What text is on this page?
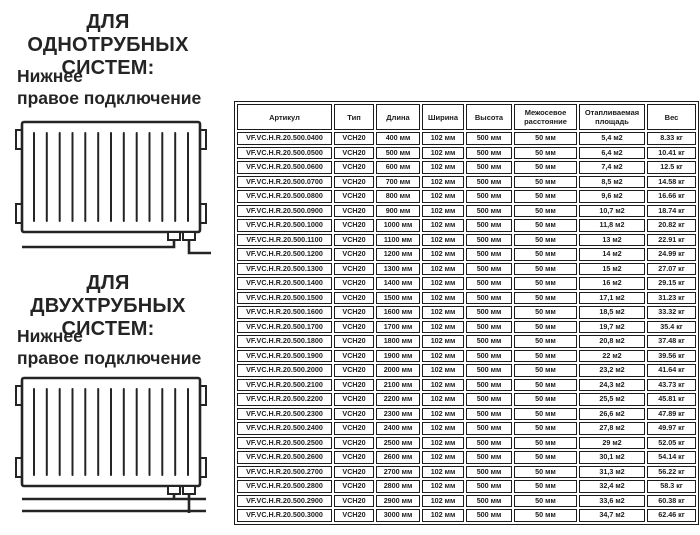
ДЛЯ ОДНОТРУБНЫХ
СИСТЕМ:
Нижнее
правое подключение
ДЛЯ ДВУХТРУБНЫХ
СИСТЕМ:
Нижнее
правое подключение
Артикул	Тип	Длина	Ширина	Высота	Межосевое расстояние	Отапливаемая площадь	Вес
VF.VC.H.R.20.500.0400	VCH20	400 мм	102 мм	500 мм	50 мм	5,4 м2	8.33 кг
VF.VC.H.R.20.500.0500	VCH20	500 мм	102 мм	500 мм	50 мм	6,4 м2	10.41 кг
VF.VC.H.R.20.500.0600	VCH20	600 мм	102 мм	500 мм	50 мм	7,4 м2	12.5 кг
VF.VC.H.R.20.500.0700	VCH20	700 мм	102 мм	500 мм	50 мм	8,5 м2	14.58 кг
VF.VC.H.R.20.500.0800	VCH20	800 мм	102 мм	500 мм	50 мм	9,6 м2	16.66 кг
VF.VC.H.R.20.500.0900	VCH20	900 мм	102 мм	500 мм	50 мм	10,7 м2	18.74 кг
VF.VC.H.R.20.500.1000	VCH20	1000 мм	102 мм	500 мм	50 мм	11,8 м2	20.82 кг
VF.VC.H.R.20.500.1100	VCH20	1100 мм	102 мм	500 мм	50 мм	13 м2	22.91 кг
VF.VC.H.R.20.500.1200	VCH20	1200 мм	102 мм	500 мм	50 мм	14 м2	24.99 кг
VF.VC.H.R.20.500.1300	VCH20	1300 мм	102 мм	500 мм	50 мм	15 м2	27.07 кг
VF.VC.H.R.20.500.1400	VCH20	1400 мм	102 мм	500 мм	50 мм	16 м2	29.15 кг
VF.VC.H.R.20.500.1500	VCH20	1500 мм	102 мм	500 мм	50 мм	17,1 м2	31.23 кг
VF.VC.H.R.20.500.1600	VCH20	1600 мм	102 мм	500 мм	50 мм	18,5 м2	33.32 кг
VF.VC.H.R.20.500.1700	VCH20	1700 мм	102 мм	500 мм	50 мм	19,7 м2	35.4 кг
VF.VC.H.R.20.500.1800	VCH20	1800 мм	102 мм	500 мм	50 мм	20,8 м2	37.48 кг
VF.VC.H.R.20.500.1900	VCH20	1900 мм	102 мм	500 мм	50 мм	22 м2	39.56 кг
VF.VC.H.R.20.500.2000	VCH20	2000 мм	102 мм	500 мм	50 мм	23,2 м2	41.64 кг
VF.VC.H.R.20.500.2100	VCH20	2100 мм	102 мм	500 мм	50 мм	24,3 м2	43.73 кг
VF.VC.H.R.20.500.2200	VCH20	2200 мм	102 мм	500 мм	50 мм	25,5 м2	45.81 кг
VF.VC.H.R.20.500.2300	VCH20	2300 мм	102 мм	500 мм	50 мм	26,6 м2	47.89 кг
VF.VC.H.R.20.500.2400	VCH20	2400 мм	102 мм	500 мм	50 мм	27,8 м2	49.97 кг
VF.VC.H.R.20.500.2500	VCH20	2500 мм	102 мм	500 мм	50 мм	29 м2	52.05 кг
VF.VC.H.R.20.500.2600	VCH20	2600 мм	102 мм	500 мм	50 мм	30,1 м2	54.14 кг
VF.VC.H.R.20.500.2700	VCH20	2700 мм	102 мм	500 мм	50 мм	31,3 м2	56.22 кг
VF.VC.H.R.20.500.2800	VCH20	2800 мм	102 мм	500 мм	50 мм	32,4 м2	58.3 кг
VF.VC.H.R.20.500.2900	VCH20	2900 мм	102 мм	500 мм	50 мм	33,6 м2	60.38 кг
VF.VC.H.R.20.500.3000	VCH20	3000 мм	102 мм	500 мм	50 мм	34,7 м2	62.46 кг
